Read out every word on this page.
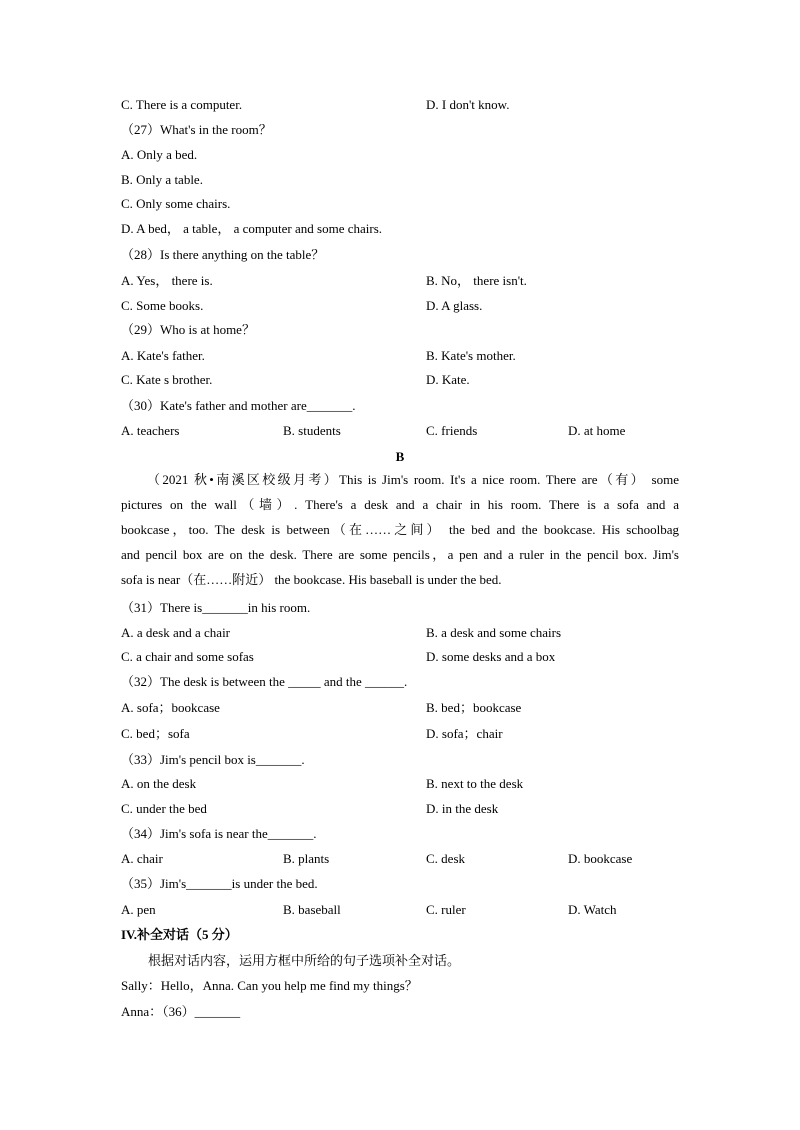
C. There is a computer.	D. I don't know.
（27）What's in the room？
A. Only a bed.
B. Only a table.
C. Only some chairs.
D. A bed， a table， a computer and some chairs.
（28）Is there anything on the table？
A. Yes， there is.	B. No， there isn't.
C. Some books.	D. A glass.
（29）Who is at home？
A. Kate's father.	B. Kate's mother.
C. Kate s brother.	D. Kate.
（30）Kate's father and mother are_______.
A. teachers	B. students	C. friends	D. at home
B
（2021 秋•南溪区校级月考）This is Jim's room. It's a nice room. There are（有） some
pictures on the wall（墙）. There's a desk and a chair in his room. There is a sofa and a
bookcase，too. The desk is between（在……之间） the bed and the bookcase. His schoolbag
and pencil box are on the desk. There are some pencils，a pen and a ruler in the pencil box. Jim's
sofa is near（在……附近） the bookcase. His baseball is under the bed.
（31）There is_______in his room.
A. a desk and a chair	B. a desk and some chairs
C. a chair and some sofas	D. some desks and a box
（32）The desk is between the _____ and the ______.
A. sofa；bookcase	B. bed；bookcase
C. bed；sofa	D. sofa；chair
（33）Jim's pencil box is_______.
A. on the desk	B. next to the desk
C. under the bed	D. in the desk
（34）Jim's sofa is near the_______.
A. chair	B. plants	C. desk	D. bookcase
（35）Jim's_______is under the bed.
A. pen	B. baseball	C. ruler	D. Watch
IV.补全对话（5 分）
根据对话内容，运用方框中所给的句子选项补全对话。
Sally：Hello，Anna. Can you help me find my things？
Anna：（36）_______
